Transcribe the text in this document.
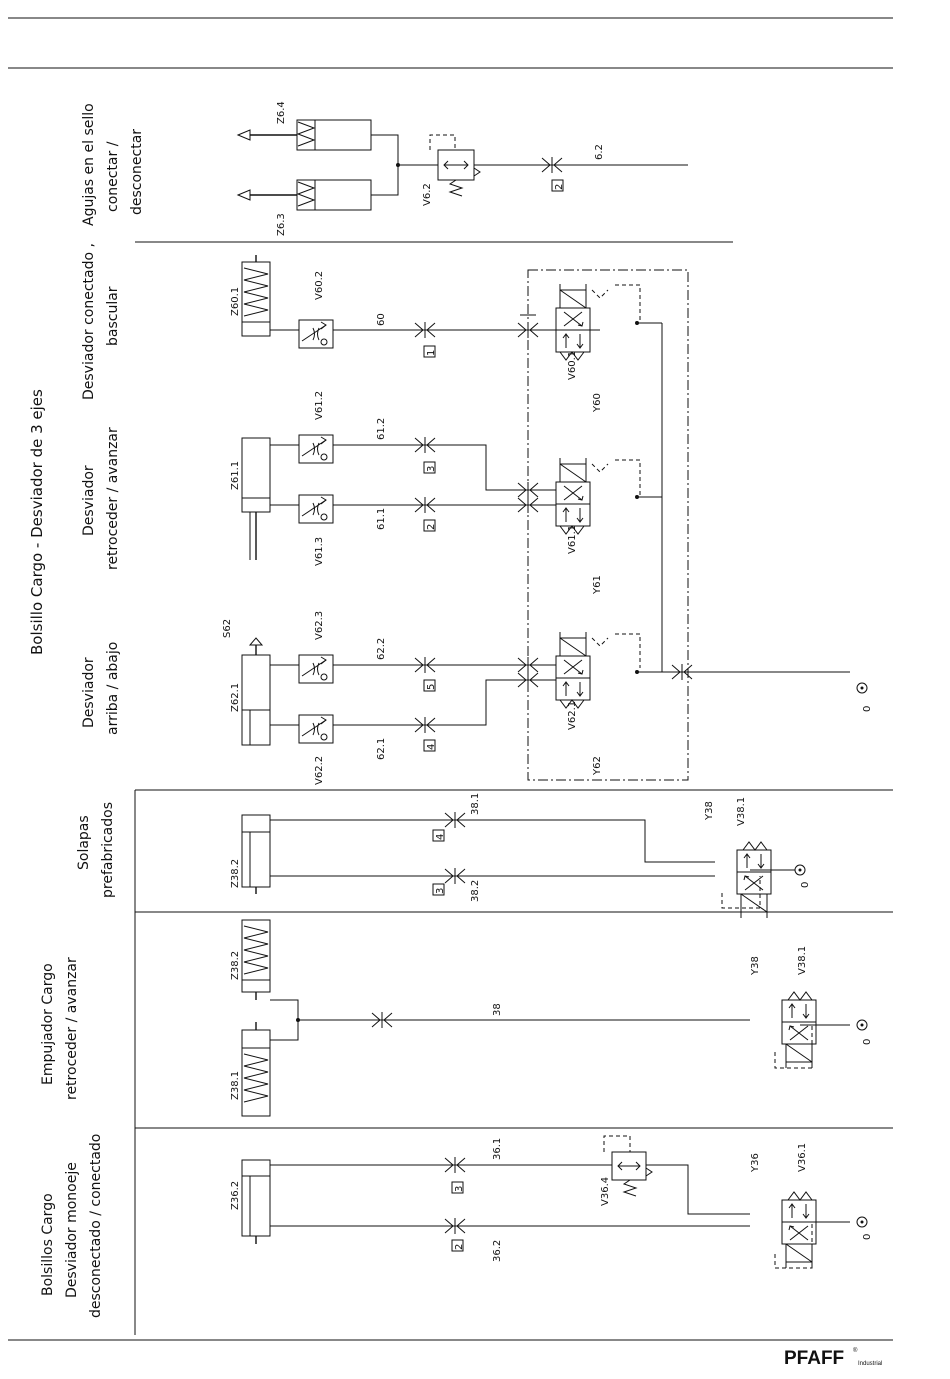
Bolsillo Cargo - Desviador de 3 ejes
Agujas en el sello conectar / desconectar
Z6.4
Z6.3
V6.2
6.2
2
0
Desviador conectado , bascular	Z60.1
V60.2
60
1	V60.1
Y60
Desviador retroceder / avanzar	Z61.1
V61.2
V61.3
61.2
61.1
3
2	V61.1
Y61
Desviador arriba / abajo
S62
Z62.1
V62.3
V62.2
62.2
62.1
5
4
V62.1
Y62
Solapas prefabricados	Z38.2
38.1
38.2
4
3
Y38 V38.1
0
Empujador Cargo retroceder / avanzar	Z38.2
Z38.1
38
Y38	V38.1
0
Bolsillos Cargo Desviador monoeje desconectado / conectado	Z36.2
36.1
36.2
3
2
V36.4
Y36	V36.1
0
PFAFF ®
Industrial
